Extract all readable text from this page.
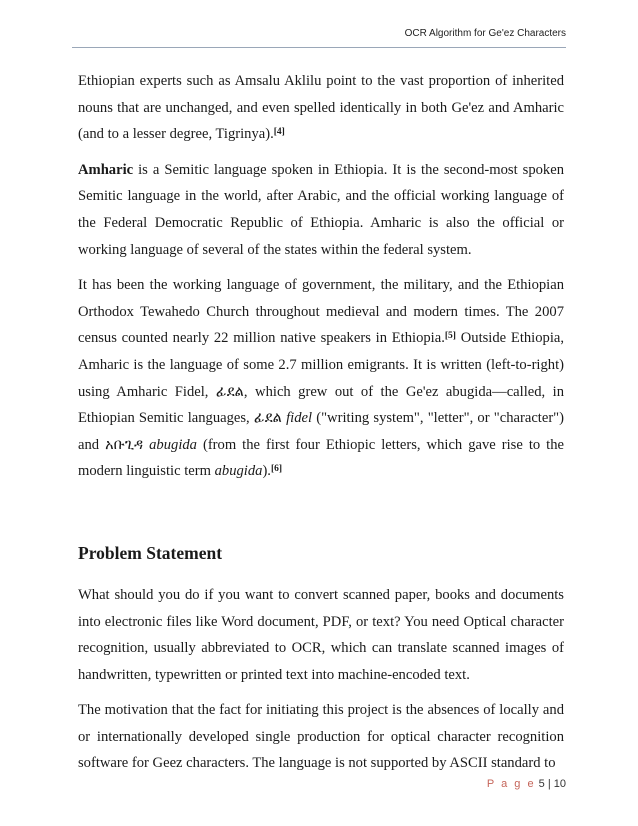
OCR Algorithm for Ge'ez Characters

Ethiopian experts such as Amsalu Aklilu point to the vast proportion of inherited nouns that are unchanged, and even spelled identically in both Ge'ez and Amharic (and to a lesser degree, Tigrinya).[4]

Amharic is a Semitic language spoken in Ethiopia. It is the second-most spoken Semitic language in the world, after Arabic, and the official working language of the Federal Democratic Republic of Ethiopia. Amharic is also the official or working language of several of the states within the federal system.

It has been the working language of government, the military, and the Ethiopian Orthodox Tewahedo Church throughout medieval and modern times. The 2007 census counted nearly 22 million native speakers in Ethiopia.[5] Outside Ethiopia, Amharic is the language of some 2.7 million emigrants. It is written (left-to-right) using Amharic Fidel, ፊደል, which grew out of the Ge'ez abugida—called, in Ethiopian Semitic languages, ፊደል fidel ("writing system", "letter", or "character") and አቡጊዳ abugida (from the first four Ethiopic letters, which gave rise to the modern linguistic term abugida).[6]

Problem Statement

What should you do if you want to convert scanned paper, books and documents into electronic files like Word document, PDF, or text? You need Optical character recognition, usually abbreviated to OCR, which can translate scanned images of handwritten, typewritten or printed text into machine-encoded text.

The motivation that the fact for initiating this project is the absences of locally and or internationally developed single production for optical character recognition software for Geez characters. The language is not supported by ASCII standard to

P a g e 5 | 10
